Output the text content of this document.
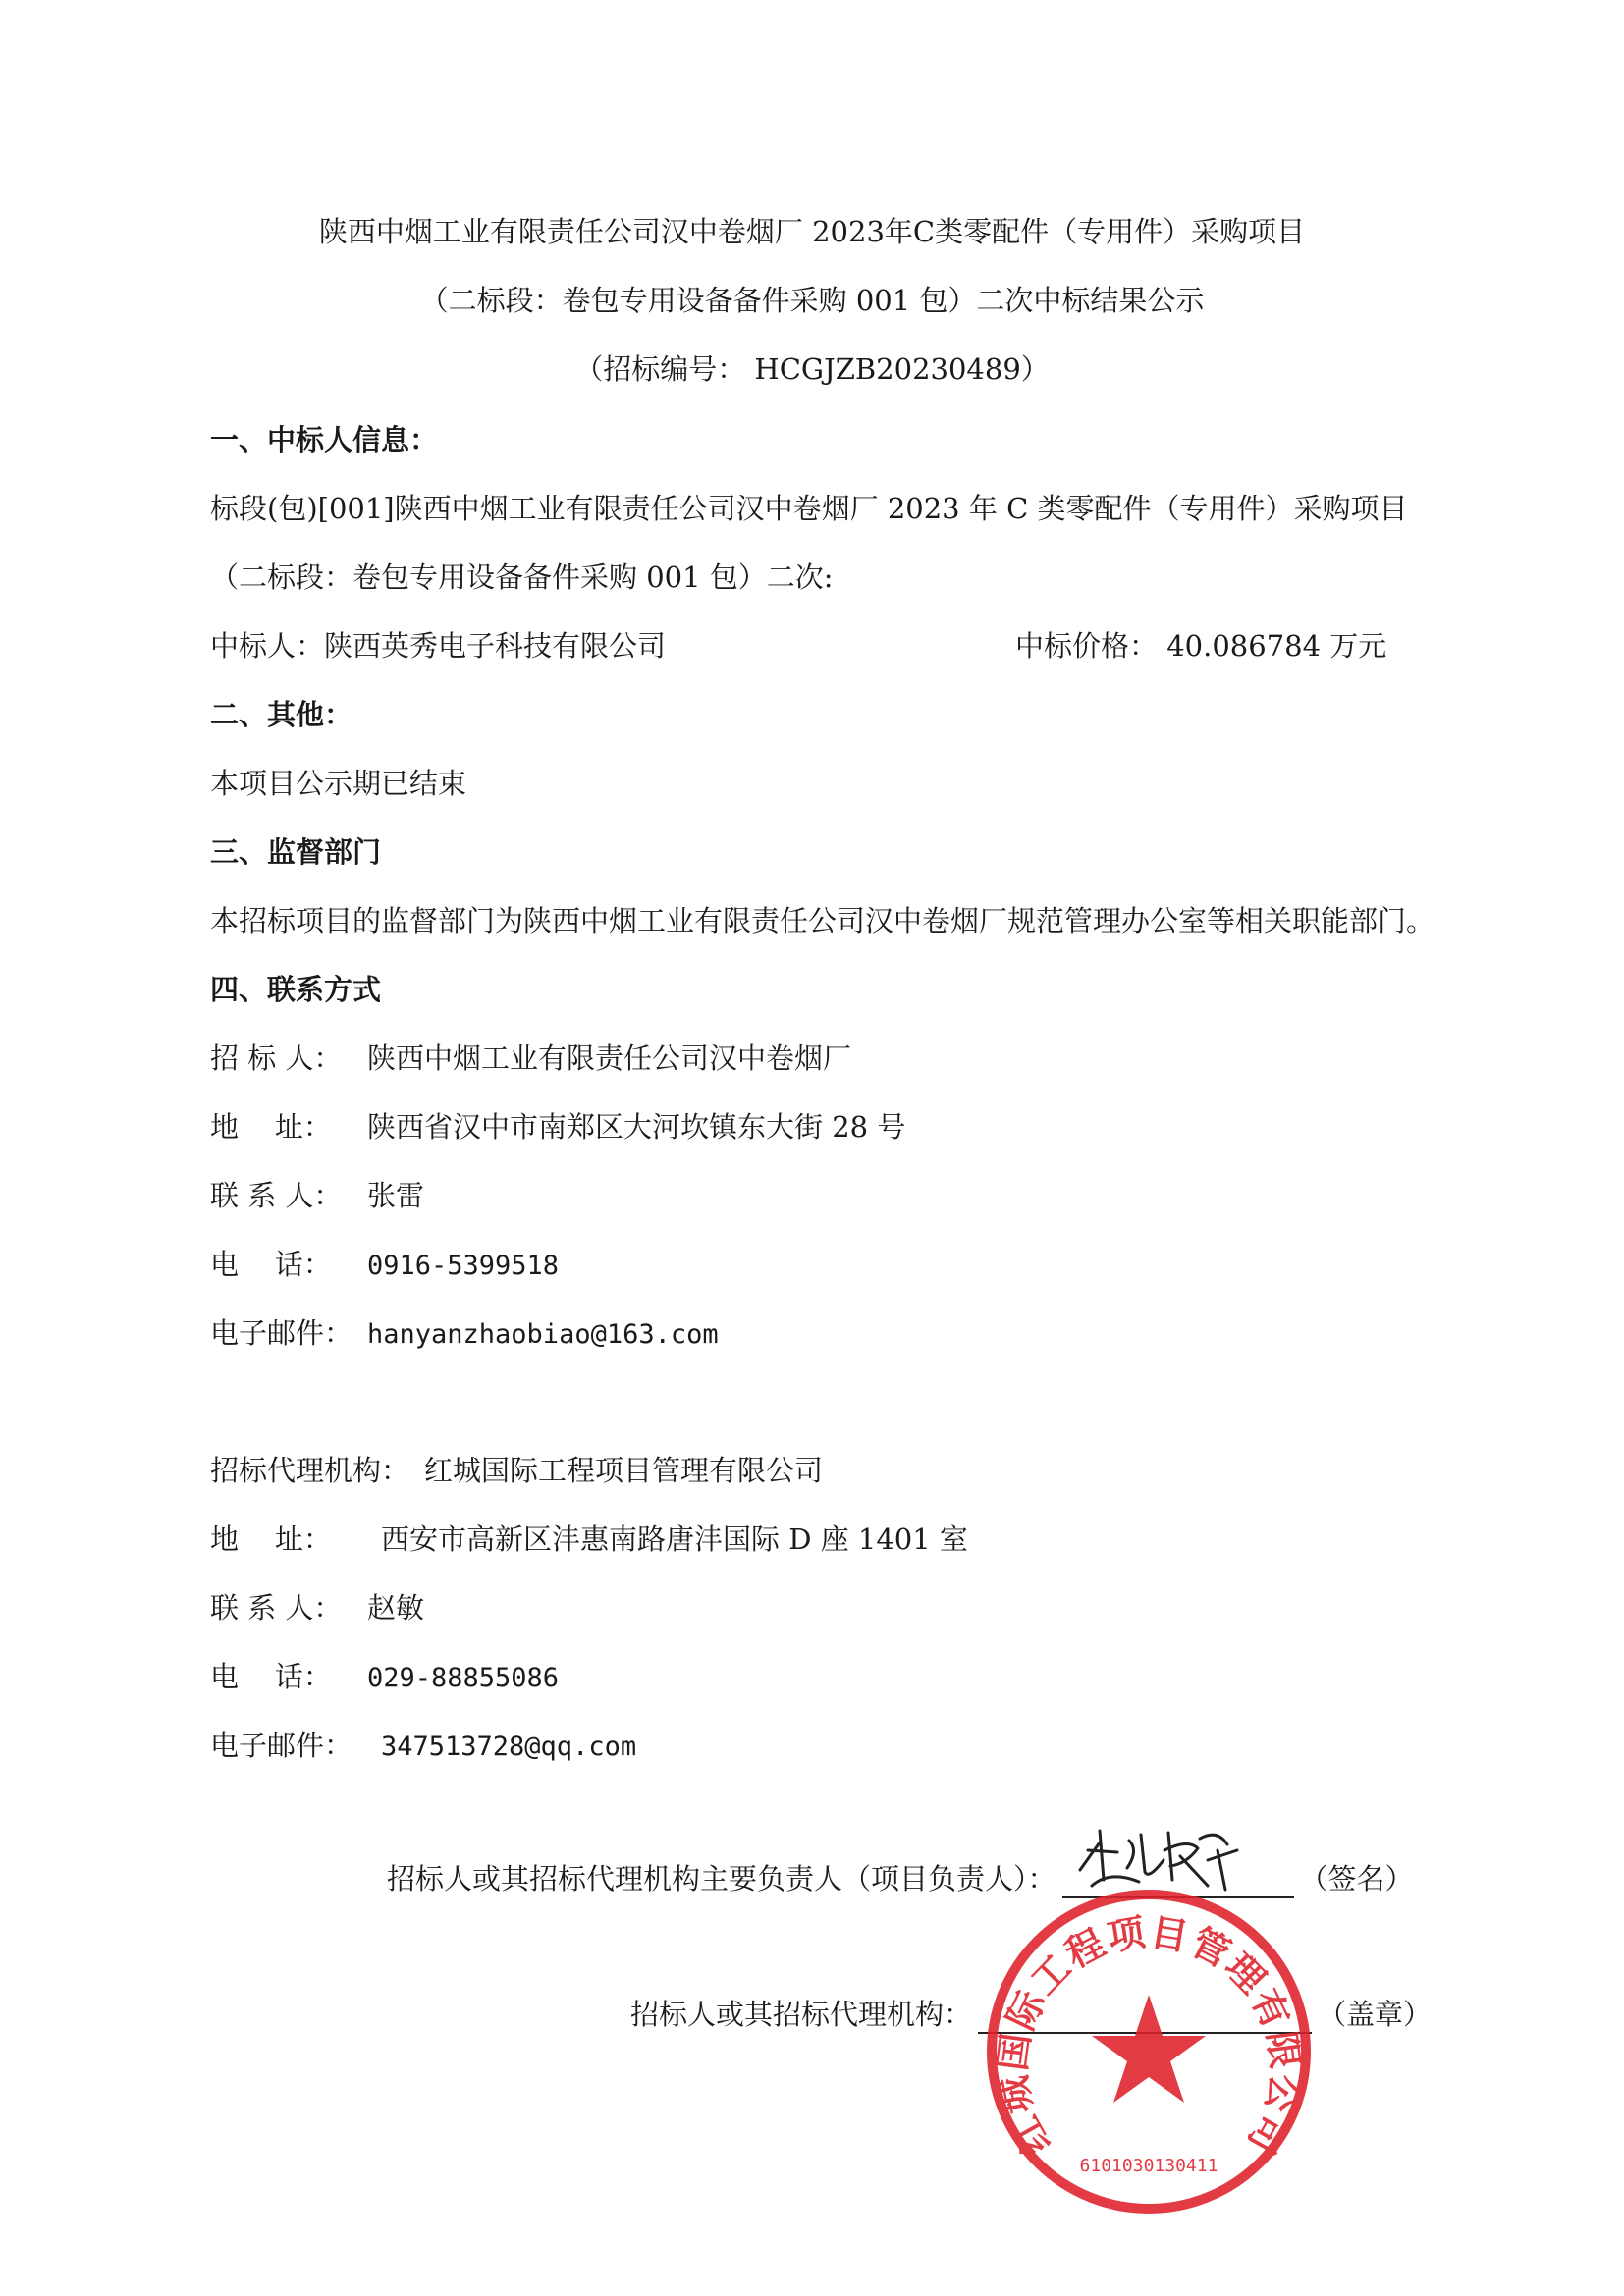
陕西中烟工业有限责任公司汉中卷烟厂 2023年C类零配件（专用件）采购项目
（二标段：卷包专用设备备件采购 001 包）二次中标结果公示
（招标编号： HCGJZB20230489）
一、中标人信息：
标段(包)[001]陕西中烟工业有限责任公司汉中卷烟厂 2023 年 C 类零配件（专用件）采购项目
（二标段：卷包专用设备备件采购 001 包）二次:
中标人：陕西英秀电子科技有限公司	中标价格： 40.086784 万元
二、其他：
本项目公示期已结束
三、监督部门
本招标项目的监督部门为陕西中烟工业有限责任公司汉中卷烟厂规范管理办公室等相关职能部门。
四、联系方式
招 标 人： 陕西中烟工业有限责任公司汉中卷烟厂
地    址： 陕西省汉中市南郑区大河坎镇东大街 28 号
联 系 人： 张雷
电    话： 0916-5399518
电子邮件： hanyanzhaobiao@163.com
招标代理机构： 红城国际工程项目管理有限公司
地    址： 西安市高新区沣惠南路唐沣国际 D 座 1401 室
联 系 人： 赵敏
电    话： 029-88855086
电子邮件： 347513728@qq.com
招标人或其招标代理机构主要负责人（项目负责人）：	（签名）
招标人或其招标代理机构：	（盖章）
红城国际工程项目管理有限公司
6101030130411
